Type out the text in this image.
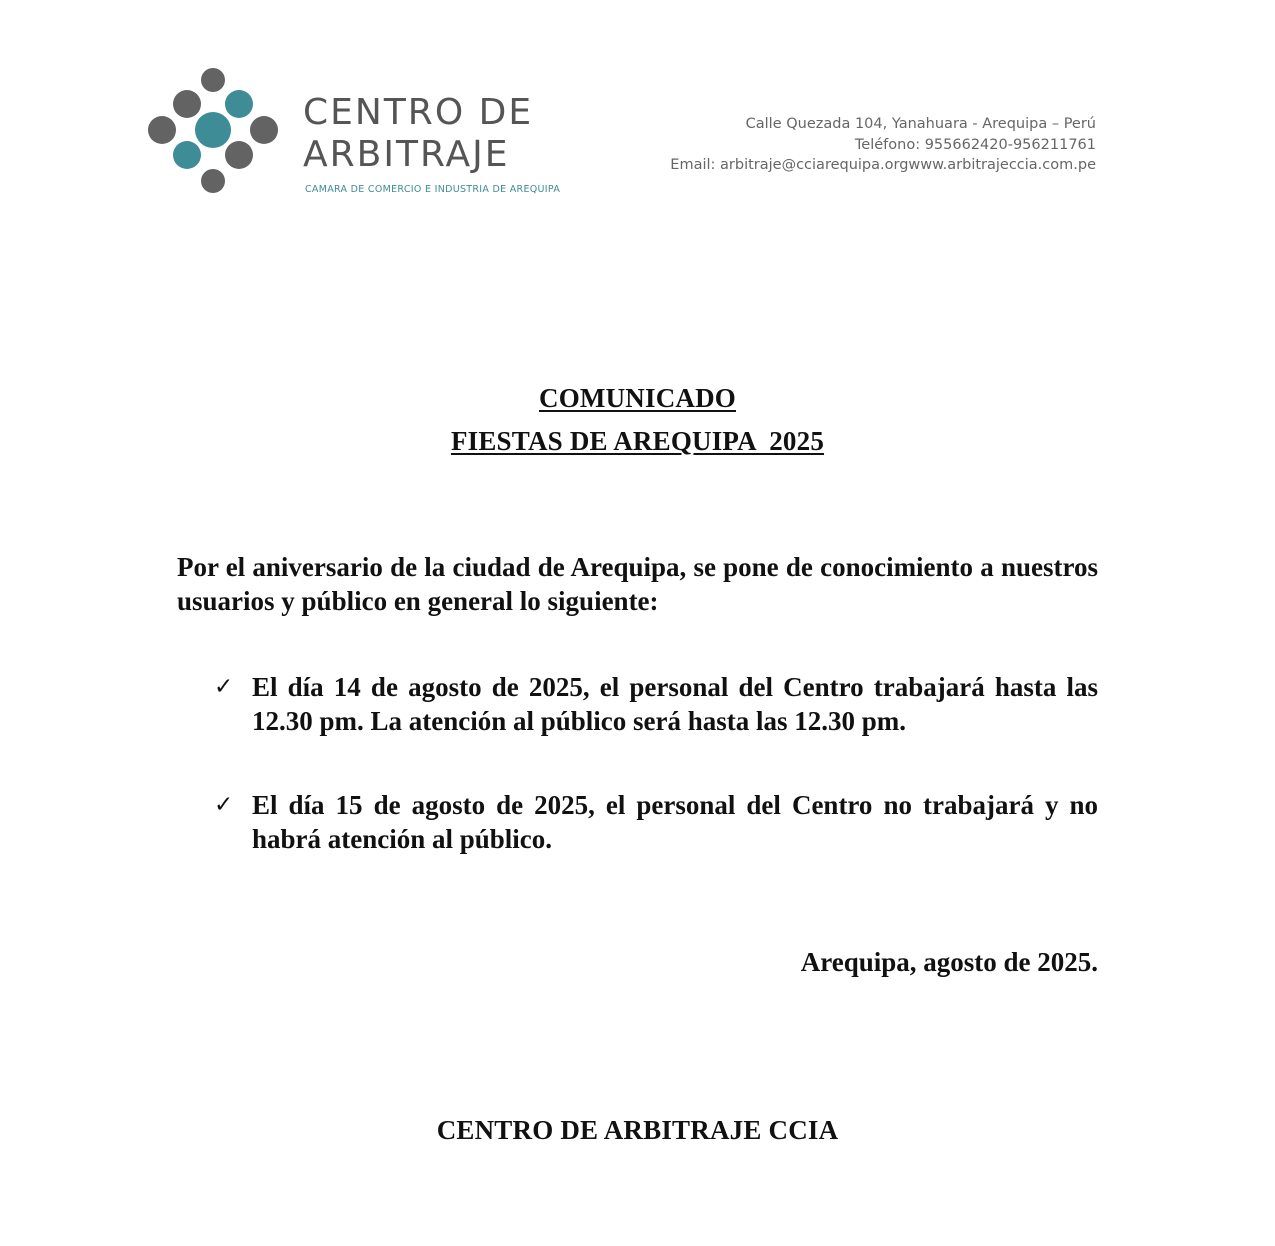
CENTRO DE
ARBITRAJE
CAMARA DE COMERCIO E INDUSTRIA DE AREQUIPA
Calle Quezada 104, Yanahuara - Arequipa – Perú
Teléfono: 955662420-956211761
Email: arbitraje@cciarequipa.orgwww.arbitrajeccia.com.pe
COMUNICADO
FIESTAS DE AREQUIPA  2025
Por el aniversario de la ciudad de Arequipa, se pone de conocimiento a nuestros usuarios y público en general lo siguiente:
✓ El día 14 de agosto de 2025, el personal del Centro trabajará hasta las 12.30 pm. La atención al público será hasta las 12.30 pm.
✓ El día 15 de agosto de 2025, el personal del Centro no trabajará y no habrá atención al público.
Arequipa, agosto de 2025.
CENTRO DE ARBITRAJE CCIA
